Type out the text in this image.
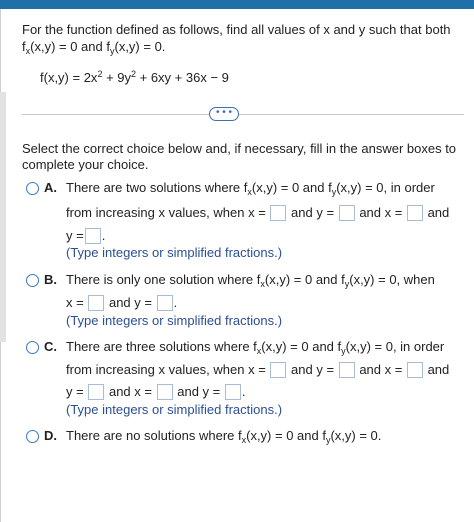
For the function defined as follows, find all values of x and y such that both
$f_x(x,y) = 0$ and $f_y(x,y) = 0$.
$f(x,y) = 2x^2 + 9y^2 + 6xy + 36x - 9$
• • •
Select the correct choice below and, if necessary, fill in the answer boxes to
complete your choice.
A. There are two solutions where $f_x(x,y) = 0$ and $f_y(x,y) = 0$, in order
from increasing x values, when x = and y = and x = and
y = .
(Type integers or simplified fractions.)
B. There is only one solution where $f_x(x,y) = 0$ and $f_y(x,y) = 0$, when
x = and y = .
(Type integers or simplified fractions.)
C. There are three solutions where $f_x(x,y) = 0$ and $f_y(x,y) = 0$, in order
from increasing x values, when x = and y = and x = and
y = and x = and y = .
(Type integers or simplified fractions.)
D. There are no solutions where $f_x(x,y) = 0$ and $f_y(x,y) = 0$.
